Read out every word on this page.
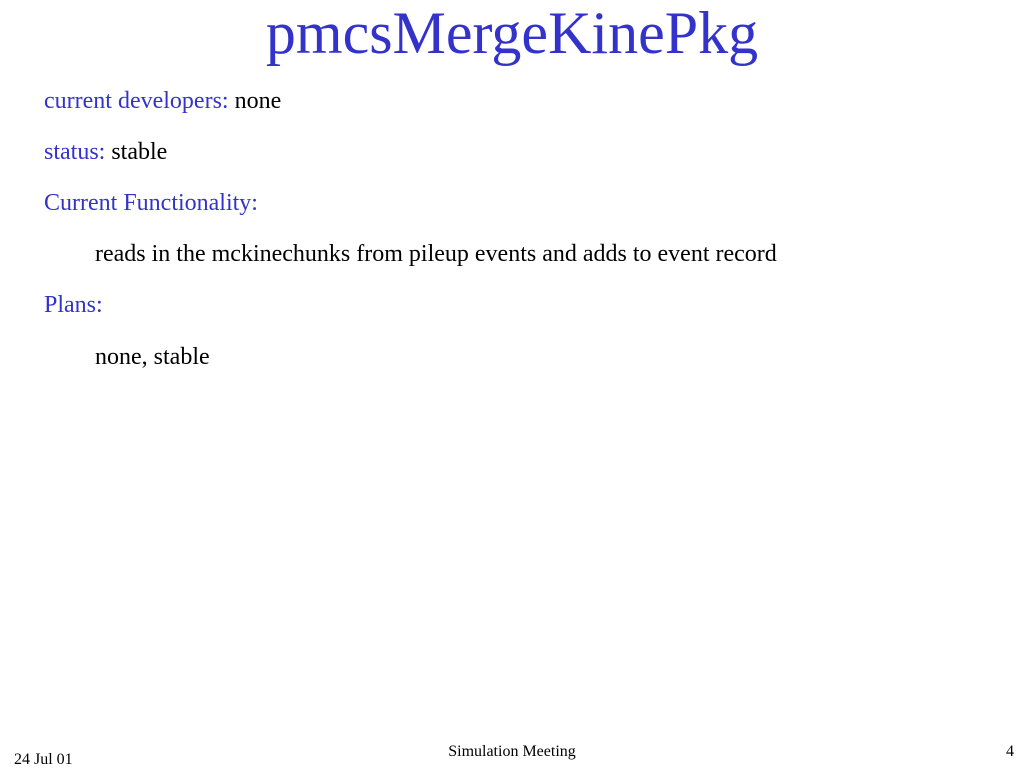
pmcsMergeKinePkg
current developers: none
status: stable
Current Functionality:
reads in the mckinechunks from pileup events and adds to event record
Plans:
none, stable
24 Jul 01	Simulation Meeting	4
